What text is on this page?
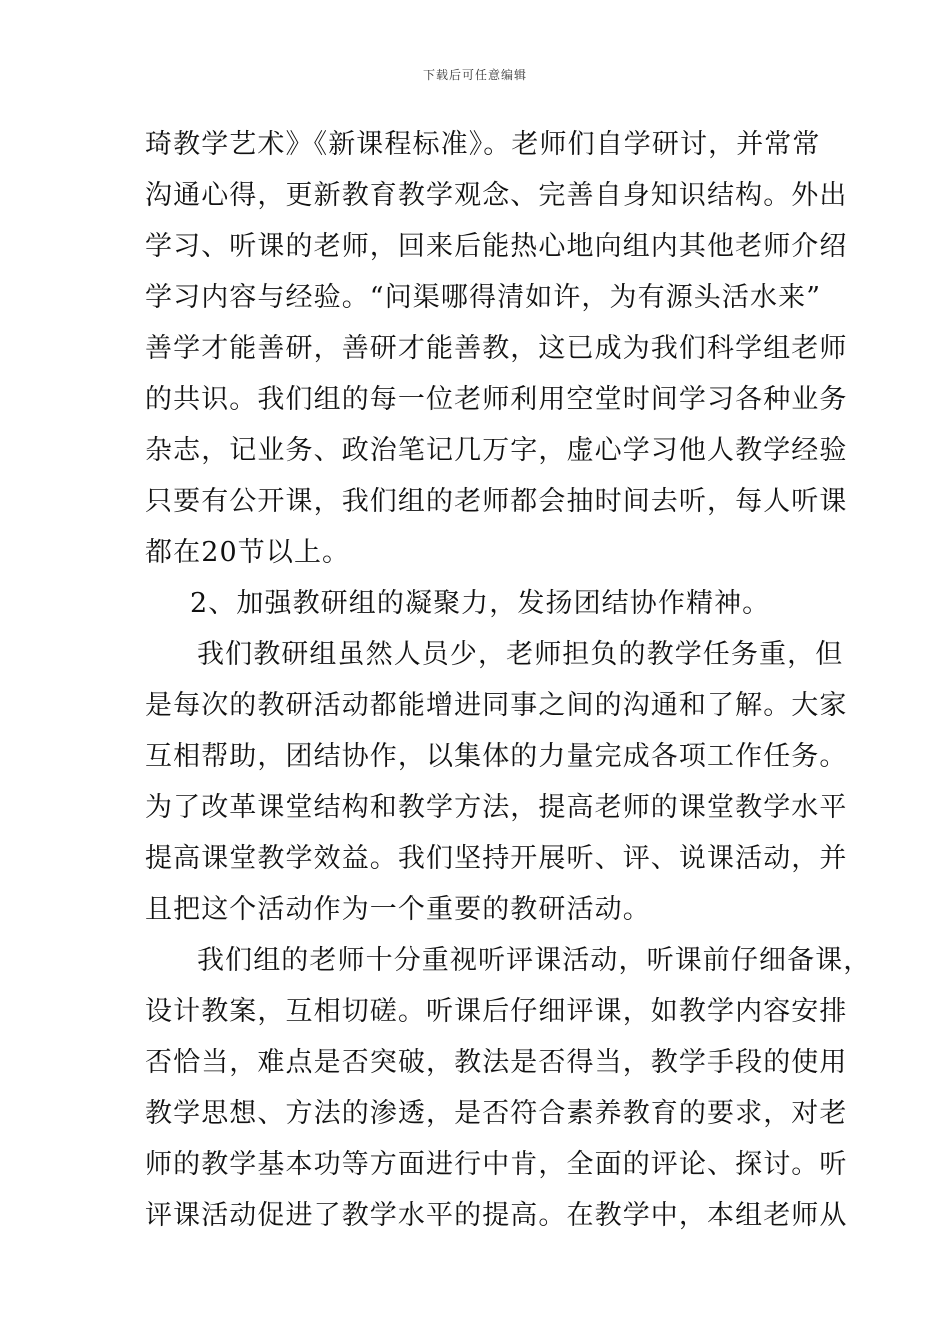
下载后可任意编辑
琦教学艺术》《新课程标准》。老师们自学研讨，并常常
沟通心得，更新教育教学观念、完善自身知识结构。外出
学习、听课的老师，回来后能热心地向组内其他老师介绍
学习内容与经验。“问渠哪得清如许，为有源头活水来”
善学才能善研，善研才能善教，这已成为我们科学组老师
的共识。我们组的每一位老师利用空堂时间学习各种业务
杂志，记业务、政治笔记几万字，虚心学习他人教学经验
只要有公开课，我们组的老师都会抽时间去听，每人听课
都在20节以上。
2、加强教研组的凝聚力，发扬团结协作精神。
我们教研组虽然人员少，老师担负的教学任务重，但
是每次的教研活动都能增进同事之间的沟通和了解。大家
互相帮助，团结协作，以集体的力量完成各项工作任务。
为了改革课堂结构和教学方法，提高老师的课堂教学水平
提高课堂教学效益。我们坚持开展听、评、说课活动，并
且把这个活动作为一个重要的教研活动。
我们组的老师十分重视听评课活动，听课前仔细备课，
设计教案，互相切磋。听课后仔细评课，如教学内容安排
否恰当，难点是否突破，教法是否得当，教学手段的使用
教学思想、方法的渗透，是否符合素养教育的要求，对老
师的教学基本功等方面进行中肯，全面的评论、探讨。听
评课活动促进了教学水平的提高。在教学中，本组老师从
